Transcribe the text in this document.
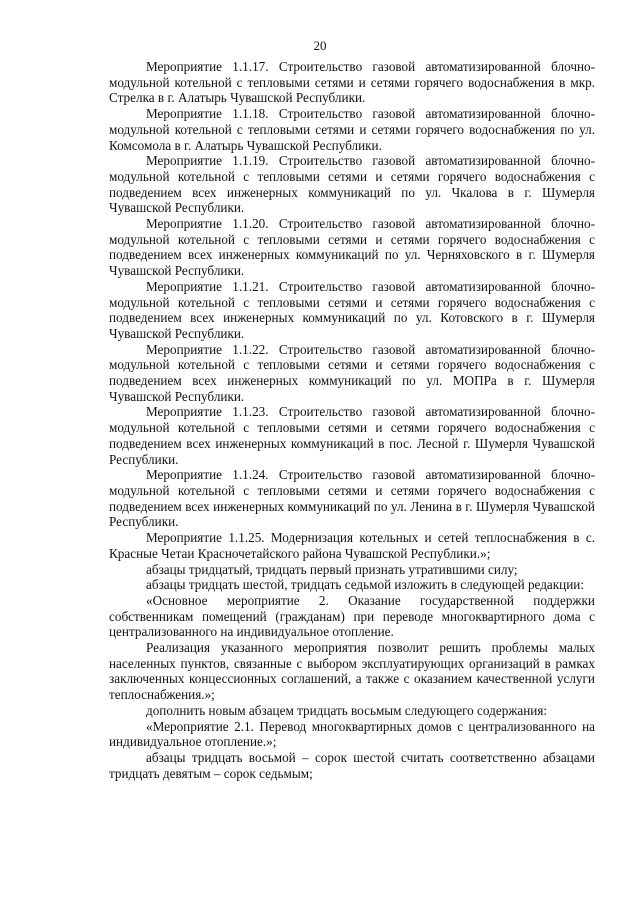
20

Мероприятие 1.1.17. Строительство газовой автоматизированной блочно-модульной котельной с тепловыми сетями и сетями горячего водоснабжения в мкр. Стрелка в г. Алатырь Чувашской Республики.

Мероприятие 1.1.18. Строительство газовой автоматизированной блочно-модульной котельной с тепловыми сетями и сетями горячего водоснабжения по ул. Комсомола в г. Алатырь Чувашской Республики.

Мероприятие 1.1.19. Строительство газовой автоматизированной блочно-модульной котельной с тепловыми сетями и сетями горячего водоснабжения с подведением всех инженерных коммуникаций по ул. Чкалова в г. Шумерля Чувашской Республики.

Мероприятие 1.1.20. Строительство газовой автоматизированной блочно-модульной котельной с тепловыми сетями и сетями горячего водоснабжения с подведением всех инженерных коммуникаций по ул. Черняховского в г. Шумерля Чувашской Республики.

Мероприятие 1.1.21. Строительство газовой автоматизированной блочно-модульной котельной с тепловыми сетями и сетями горячего водоснабжения с подведением всех инженерных коммуникаций по ул. Котовского в г. Шумерля Чувашской Республики.

Мероприятие 1.1.22. Строительство газовой автоматизированной блочно-модульной котельной с тепловыми сетями и сетями горячего водоснабжения с подведением всех инженерных коммуникаций по ул. МОПРа в г. Шумерля Чувашской Республики.

Мероприятие 1.1.23. Строительство газовой автоматизированной блочно-модульной котельной с тепловыми сетями и сетями горячего водоснабжения с подведением всех инженерных коммуникаций в пос. Лесной г. Шумерля Чувашской Республики.

Мероприятие 1.1.24. Строительство газовой автоматизированной блочно-модульной котельной с тепловыми сетями и сетями горячего водоснабжения с подведением всех инженерных коммуникаций по ул. Ленина в г. Шумерля Чувашской Республики.

Мероприятие 1.1.25. Модернизация котельных и сетей теплоснабжения в с. Красные Четаи Красночетайского района Чувашской Республики.»;

абзацы тридцатый, тридцать первый признать утратившими силу;

абзацы тридцать шестой, тридцать седьмой изложить в следующей редакции:

«Основное мероприятие 2. Оказание государственной поддержки собственникам помещений (гражданам) при переводе многоквартирного дома с централизованного на индивидуальное отопление.

Реализация указанного мероприятия позволит решить проблемы малых населенных пунктов, связанные с выбором эксплуатирующих организаций в рамках заключенных концессионных соглашений, а также с оказанием качественной услуги теплоснабжения.»;

дополнить новым абзацем тридцать восьмым следующего содержания:

«Мероприятие 2.1. Перевод многоквартирных домов с централизованного на индивидуальное отопление.»;

абзацы тридцать восьмой – сорок шестой считать соответственно абзацами тридцать девятым – сорок седьмым;
